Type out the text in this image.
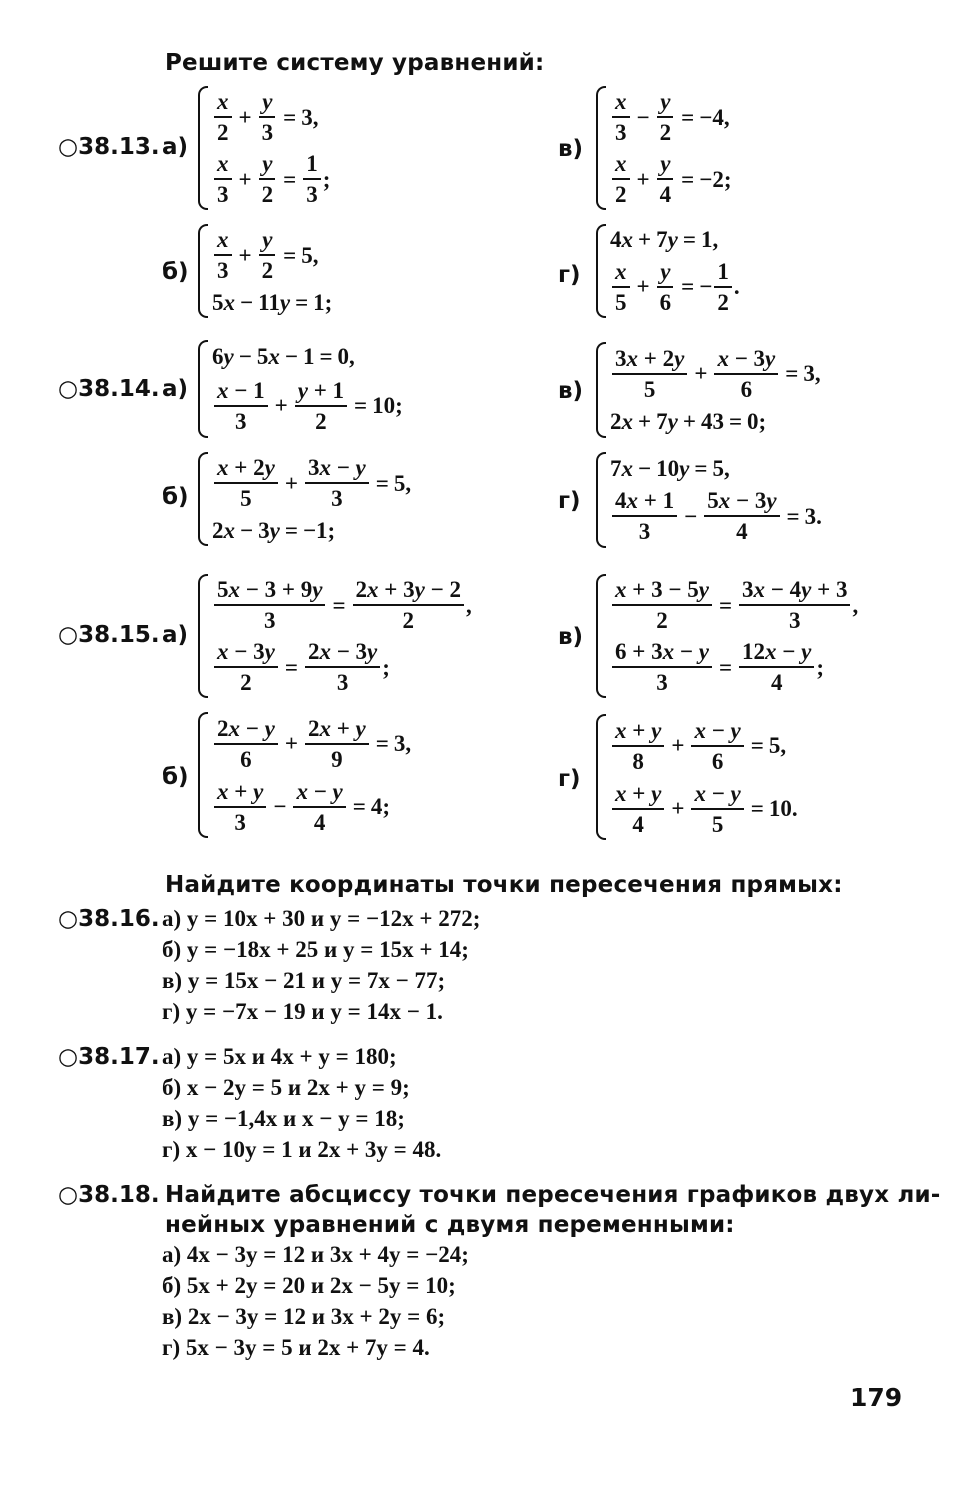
Решите систему уравнений:
○38.13. а)
$\frac{x}{2} + \frac{y}{3} = 3$,
$\frac{x}{3} + \frac{y}{2} = \frac{1}{3}$ ;
в)
$\frac{x}{3} - \frac{y}{2} = -4$,
$\frac{x}{2} + \frac{y}{4} = -2$;
$б) \frac{x}{3} + \frac{y}{2} = 5$,
5 x − 11 y = 1;
г)
4 x + 7 y = 1,
$\frac{x}{5} + \frac{y}{6}$ = − $\frac{1}{2}$ .
○38.14. а)
6 y − 5 x − 1 = 0,
$\frac{x - 1}{3} + \frac{y + 1}{2} = 10$;
$в) \frac{3x + 2y}{5} + \frac{x - 3y}{6} = 3$,
2 x + 7 y + 43 = 0;
$б) \frac{x + 2y}{5} + \frac{3x - y}{3} = 5$,
2 x − 3 y = −1;
г)
7 x − 10 y = 5,
$\frac{4x + 1}{3} - \frac{5x - 3y}{4} = 3$.
○38.15. а)
$\frac{5x - 3 + 9y}{3} = \frac{2x + 3y - 2}{2}$ ,
$\frac{x - 3y}{2} = \frac{2x - 3y}{3}$ ;
в)
$\frac{x + 3 - 5y}{2} = \frac{3x - 4y + 3}{3}$ ,
$\frac{6 + 3x - y}{3} = \frac{12x - y}{4}$ ;
б)
$\frac{2x - y}{6} + \frac{2x + y}{9} = 3$,
$\frac{x + y}{3} - \frac{x - y}{4} = 4$;
г)
$\frac{x + y}{8} + \frac{x - y}{6} = 5$,
$\frac{x + y}{4} + \frac{x - y}{5} = 10$.
Найдите координаты точки пересечения прямых:
○38.16. а) y = 10x + 30 и y = −12x + 272;
б) y = −18x + 25 и y = 15x + 14;
в) y = 15x − 21 и y = 7x − 77;
г) y = −7x − 19 и y = 14x − 1.
○38.17. а) y = 5x и 4x + y = 180;
б) x − 2y = 5 и 2x + y = 9;
в) y = −1,4x и x − y = 18;
г) x − 10y = 1 и 2x + 3y = 48.
○38.18. Найдите абсциссу точки пересечения графиков двух ли-
нейных уравнений с двумя переменными:
а) 4x − 3y = 12 и 3x + 4y = −24;
б) 5x + 2y = 20 и 2x − 5y = 10;
в) 2x − 3y = 12 и 3x + 2y = 6;
г) 5x − 3y = 5 и 2x + 7y = 4.
179
